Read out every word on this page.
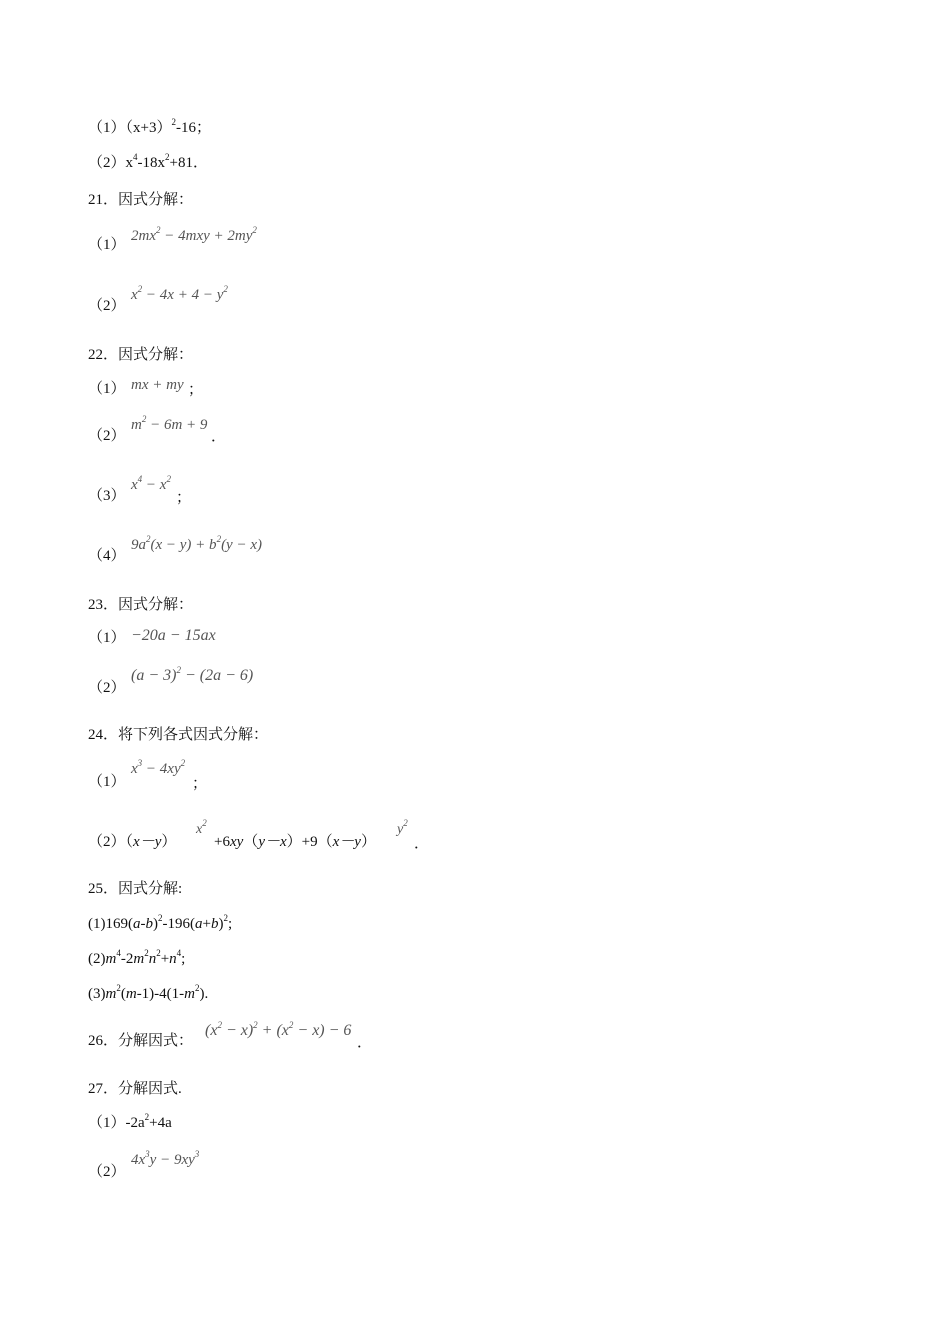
$(1)(x+3)^2-16$；
$(2)x^4-18x^2+81$．
21．因式分解：
（1）
$2mx^2 - 4mxy + 2my^2$
（2）
$x^2 - 4x + 4 - y^2$
22．因式分解：
（1） mx + my ；
（2）
$m^2 - 6m + 9$
．
（3）
$x^4 - x^2$
；
（4）
$9a^2(x - y) + b^2(y - x)$
23．因式分解：
（1） −20a − 15ax
（2）
$(a - 3)^2 - (2a - 6)$
24．将下列各式因式分解：
（1）
$x^3 - 4xy^2$
；
（2）（x－y）
$x^2$
+6xy（y－x）+9（x－y）
$y^2$
．
25．因式分解:
$(1)169(a-b)^2-196(a+b)^2$;
$(2)m^4-2m^2n^2+n^4$;
$(3)m^2(m-1)-4(1-m^2)$.
26．分解因式：
$(x^2 - x)^2 + (x^2 - x) - 6$
．
27．分解因式.
$(1)-2a^2+4a$
（2）
$4x^3y - 9xy^3$
